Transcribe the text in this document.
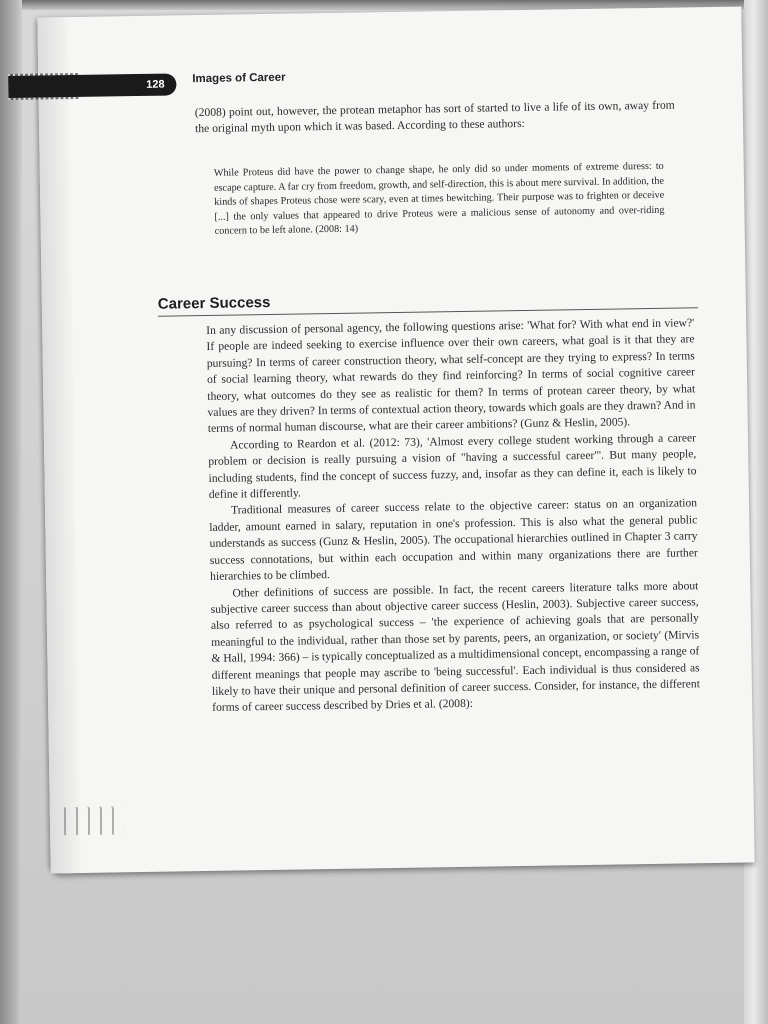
128	Images of Career

(2008) point out, however, the protean metaphor has sort of started to live a life of its own, away from the original myth upon which it was based. According to these authors:

While Proteus did have the power to change shape, he only did so under moments of extreme duress: to escape capture. A far cry from freedom, growth, and self-direction, this is about mere survival. In addition, the kinds of shapes Proteus chose were scary, even at times bewitching. Their purpose was to frighten or deceive [...] the only values that appeared to drive Proteus were a malicious sense of autonomy and over-riding concern to be left alone. (2008: 14)

Career Success

In any discussion of personal agency, the following questions arise: 'What for? With what end in view?' If people are indeed seeking to exercise influence over their own careers, what goal is it that they are pursuing? In terms of career construction theory, what self-concept are they trying to express? In terms of social learning theory, what rewards do they find reinforcing? In terms of social cognitive career theory, what outcomes do they see as realistic for them? In terms of protean career theory, by what values are they driven? In terms of contextual action theory, towards which goals are they drawn? And in terms of normal human discourse, what are their career ambitions? (Gunz & Heslin, 2005).

According to Reardon et al. (2012: 73), 'Almost every college student working through a career problem or decision is really pursuing a vision of "having a successful career"'. But many people, including students, find the concept of success fuzzy, and, insofar as they can define it, each is likely to define it differently.

Traditional measures of career success relate to the objective career: status on an organization ladder, amount earned in salary, reputation in one's profession. This is also what the general public understands as success (Gunz & Heslin, 2005). The occupational hierarchies outlined in Chapter 3 carry success connotations, but within each occupation and within many organizations there are further hierarchies to be climbed.

Other definitions of success are possible. In fact, the recent careers literature talks more about subjective career success than about objective career success (Heslin, 2003). Subjective career success, also referred to as psychological success – 'the experience of achieving goals that are personally meaningful to the individual, rather than those set by parents, peers, an organization, or society' (Mirvis & Hall, 1994: 366) – is typically conceptualized as a multidimensional concept, encompassing a range of different meanings that people may ascribe to 'being successful'. Each individual is thus considered as likely to have their unique and personal definition of career success. Consider, for instance, the different forms of career success described by Dries et al. (2008):
